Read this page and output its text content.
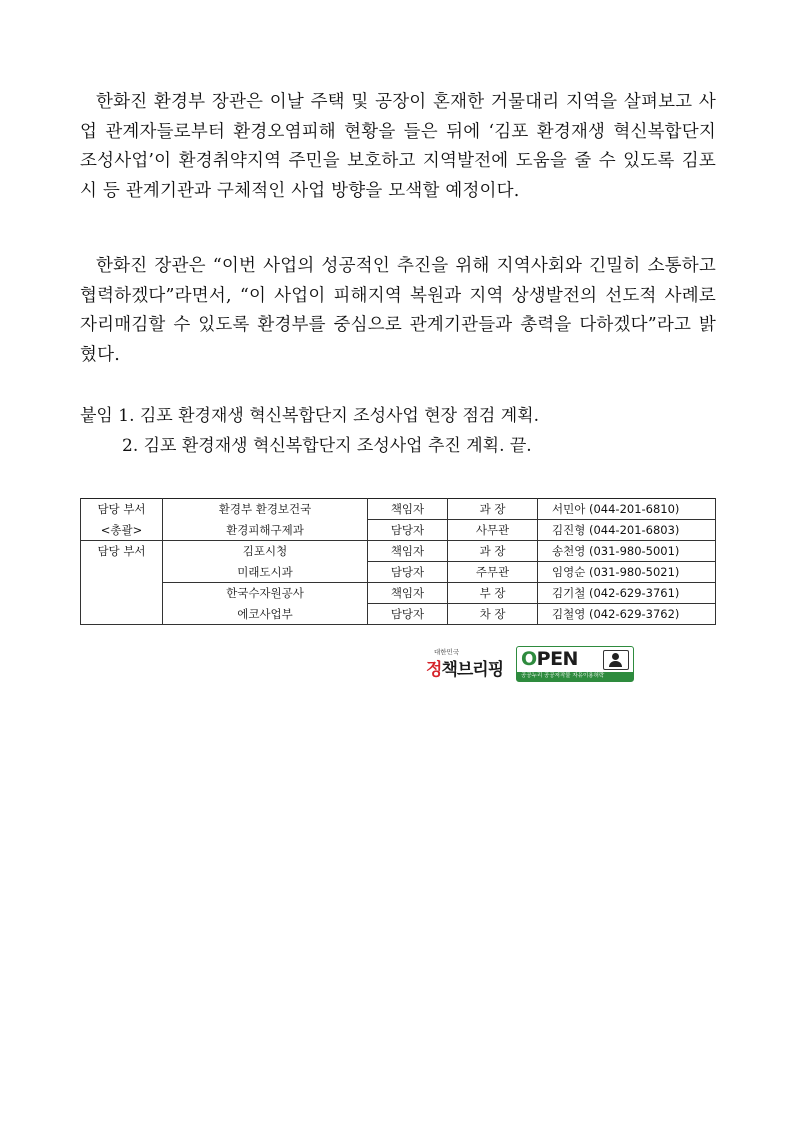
한화진 환경부 장관은 이날 주택 및 공장이 혼재한 거물대리 지역을 살펴보고 사업 관계자들로부터 환경오염피해 현황을 들은 뒤에 ‘김포 환경재생 혁신복합단지 조성사업’이 환경취약지역 주민을 보호하고 지역발전에 도움을 줄 수 있도록 김포시 등 관계기관과 구체적인 사업 방향을 모색할 예정이다.
한화진 장관은 “이번 사업의 성공적인 추진을 위해 지역사회와 긴밀히 소통하고 협력하겠다”라면서, “이 사업이 피해지역 복원과 지역 상생발전의 선도적 사례로 자리매김할 수 있도록 환경부를 중심으로 관계기관들과 총력을 다하겠다”라고 밝혔다.
붙임 1. 김포 환경재생 혁신복합단지 조성사업 현장 점검 계획.
2. 김포 환경재생 혁신복합단지 조성사업 추진 계획. 끝.
담당 부서	환경부 환경보건국	책임자	과 장	서민아 (044-201-6810)
<총괄>	환경피해구제과	담당자	사무관	김진형 (044-201-6803)
담당 부서	김포시청	책임자	과 장	송천영 (031-980-5001)
	미래도시과	담당자	주무관	임영순 (031-980-5021)
	한국수자원공사	책임자	부 장	김기철 (042-629-3761)
	에코사업부	담당자	차 장	김철영 (042-629-3762)
대한민국
정책브리핑 OPEN
공공누리 공공저작물 자유이용허락
